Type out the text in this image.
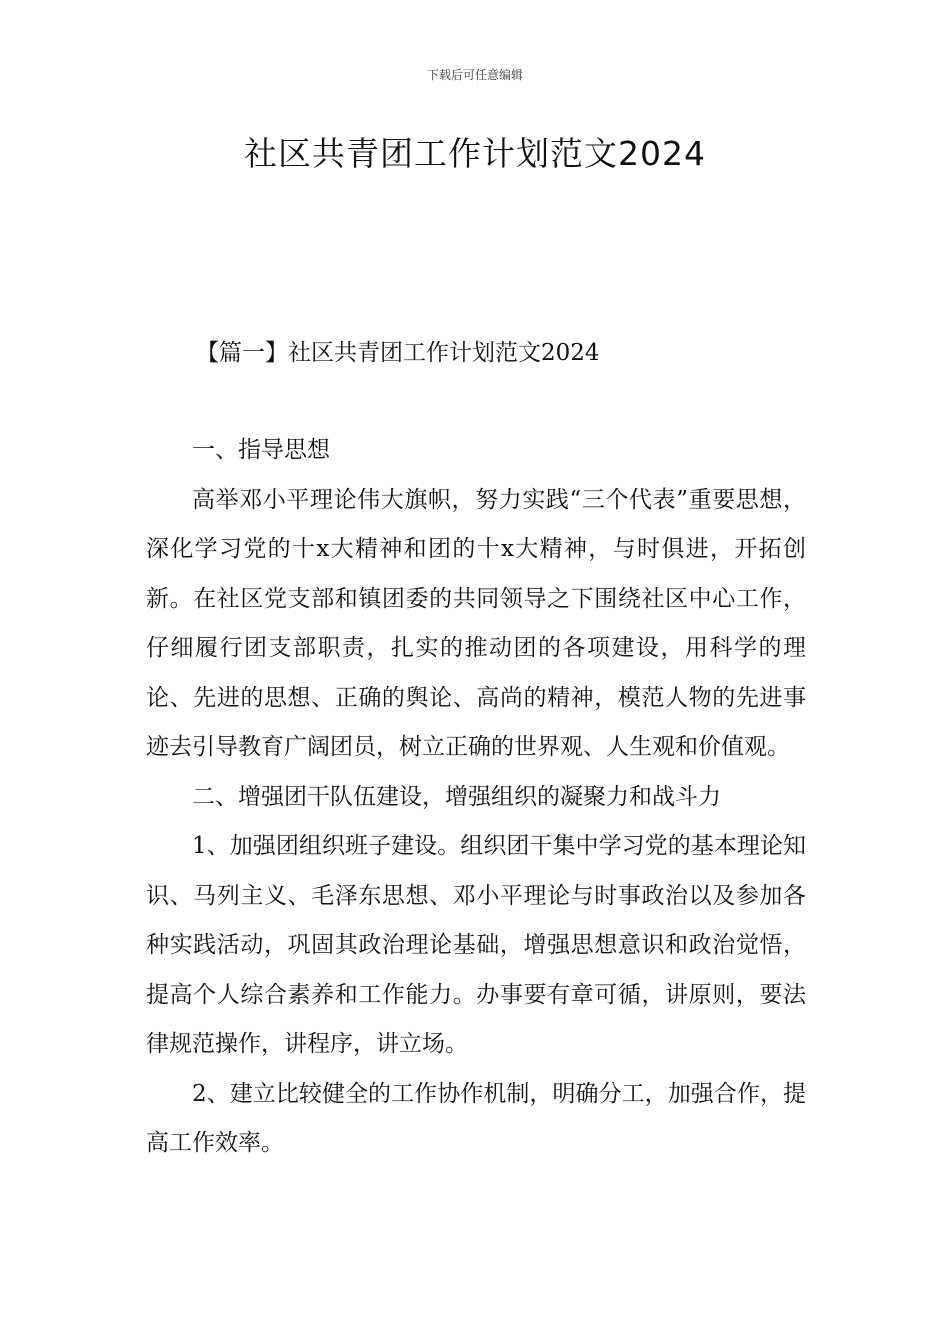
下载后可任意编辑
社区共青团工作计划范文2024
【篇一】社区共青团工作计划范文2024

一、指导思想

高举邓小平理论伟大旗帜，努力实践“三个代表”重要思想，深化学习党的十x大精神和团的十x大精神，与时俱进，开拓创新。在社区党支部和镇团委的共同领导之下围绕社区中心工作，仔细履行团支部职责，扎实的推动团的各项建设，用科学的理论、先进的思想、正确的舆论、高尚的精神，模范人物的先进事迹去引导教育广阔团员，树立正确的世界观、人生观和价值观。

二、增强团干队伍建设，增强组织的凝聚力和战斗力

1、加强团组织班子建设。组织团干集中学习党的基本理论知识、马列主义、毛泽东思想、邓小平理论与时事政治以及参加各种实践活动，巩固其政治理论基础，增强思想意识和政治觉悟，提高个人综合素养和工作能力。办事要有章可循，讲原则，要法律规范操作，讲程序，讲立场。

2、建立比较健全的工作协作机制，明确分工，加强合作，提高工作效率。
